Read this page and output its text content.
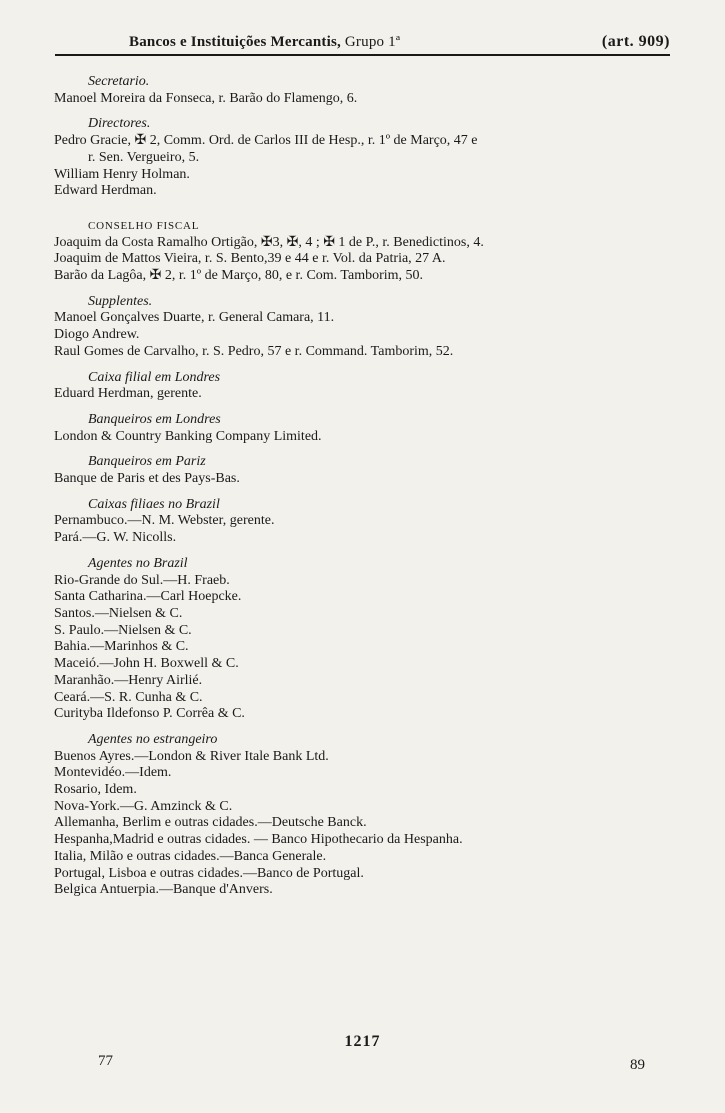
Bancos e Instituições Mercantis, Grupo 1ª	(art. 909)
Secretario.
Manoel Moreira da Fonseca, r. Barão do Flamengo, 6.
Directores.
Pedro Gracie, ✠ 2, Comm. Ord. de Carlos III de Hesp., r. 1º de Março, 47 e
r. Sen. Vergueiro, 5.
William Henry Holman.
Edward Herdman.
CONSELHO FISCAL
Joaquim da Costa Ramalho Ortigão, ✠3, ✠, 4 ; ✠ 1 de P., r. Benedictinos, 4.
Joaquim de Mattos Vieira, r. S. Bento,39 e 44 e r. Vol. da Patria, 27 A.
Barão da Lagôa, ✠ 2, r. 1º de Março, 80, e r. Com. Tamborim, 50.
Supplentes.
Manoel Gonçalves Duarte, r. General Camara, 11.
Diogo Andrew.
Raul Gomes de Carvalho, r. S. Pedro, 57 e r. Command. Tamborim, 52.
Caixa filial em Londres
Eduard Herdman, gerente.
Banqueiros em Londres
London & Country Banking Company Limited.
Banqueiros em Pariz
Banque de Paris et des Pays-Bas.
Caixas filiaes no Brazil
Pernambuco.—N. M. Webster, gerente.
Pará.—G. W. Nicolls.
Agentes no Brazil
Rio-Grande do Sul.—H. Fraeb.
Santa Catharina.—Carl Hoepcke.
Santos.—Nielsen & C.
S. Paulo.—Nielsen & C.
Bahia.—Marinhos & C.
Maceió.—John H. Boxwell & C.
Maranhão.—Henry Airlié.
Ceará.—S. R. Cunha & C.
Curityba Ildefonso P. Corrêa & C.
Agentes no estrangeiro
Buenos Ayres.—London & River Itale Bank Ltd.
Montevidéo.—Idem.
Rosario, Idem.
Nova-York.—G. Amzinck & C.
Allemanha, Berlim e outras cidades.—Deutsche Banck.
Hespanha,Madrid e outras cidades. — Banco Hipothecario da Hespanha.
Italia, Milão e outras cidades.—Banca Generale.
Portugal, Lisboa e outras cidades.—Banco de Portugal.
Belgica Antuerpia.—Banque d'Anvers.
1217
77	89
